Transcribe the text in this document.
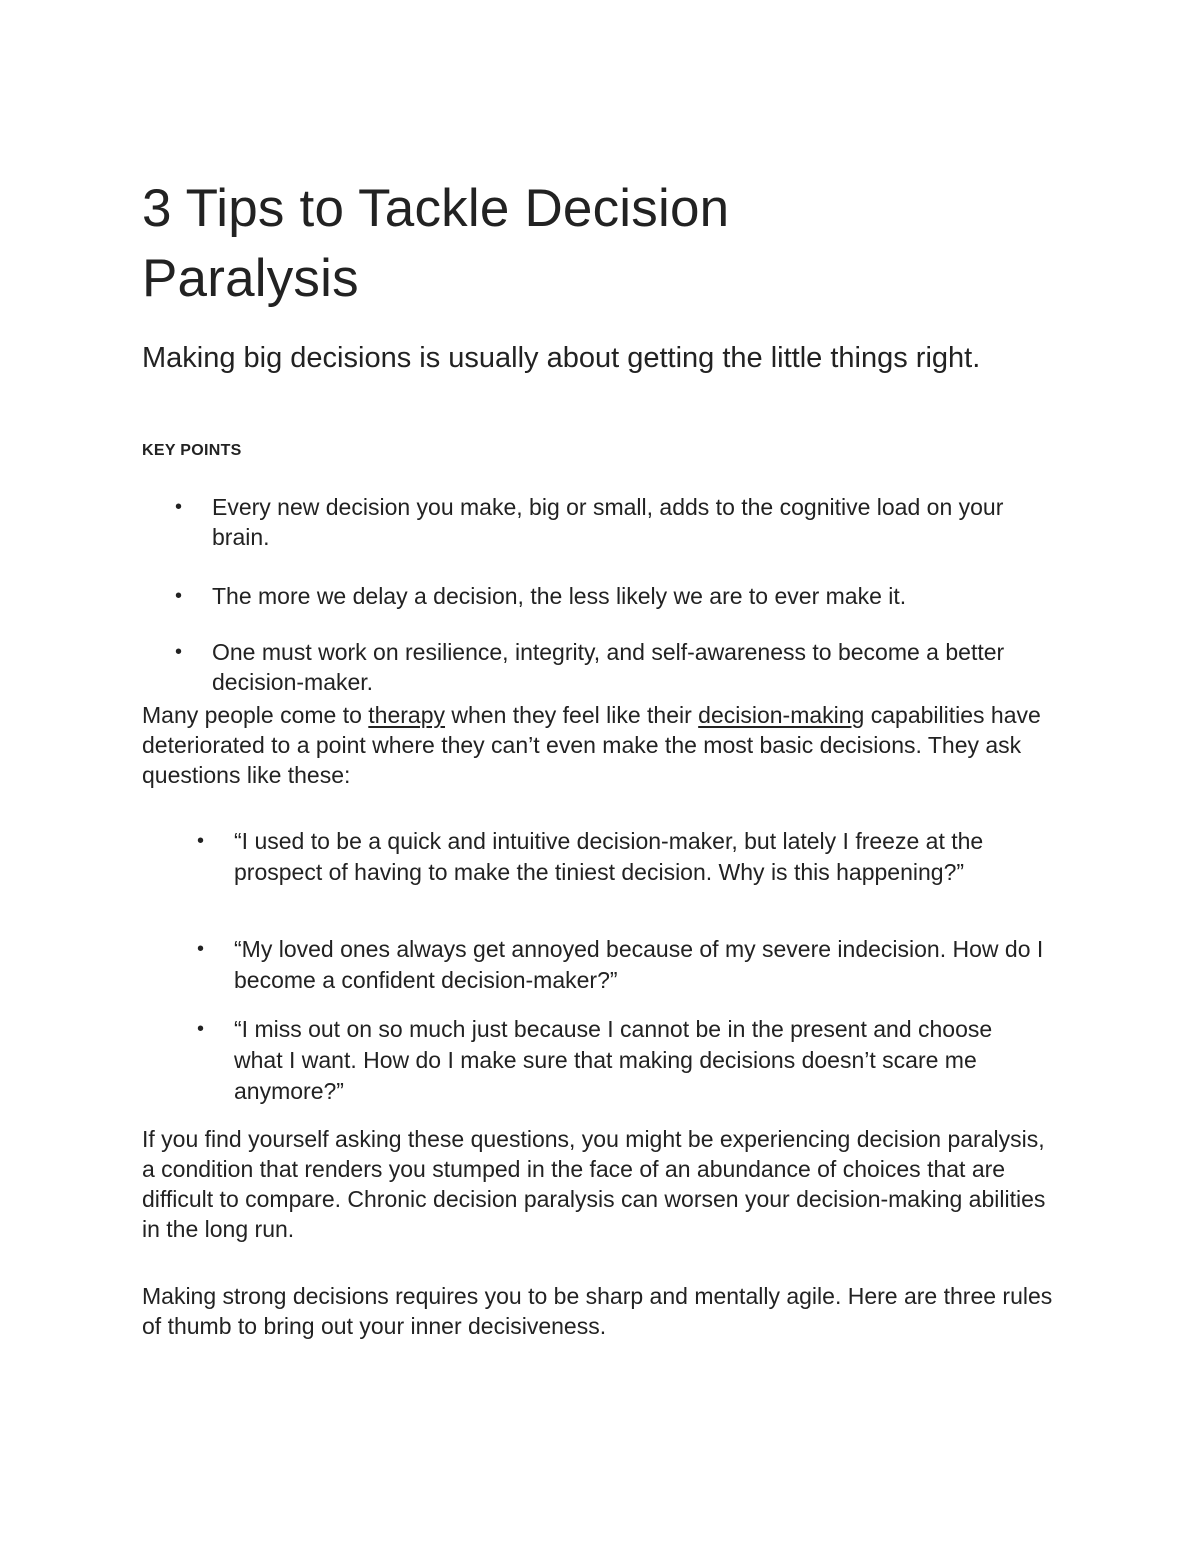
3 Tips to Tackle Decision
Paralysis

Making big decisions is usually about getting the little things right.

KEY POINTS

• Every new decision you make, big or small, adds to the cognitive load on your brain.
• The more we delay a decision, the less likely we are to ever make it.
• One must work on resilience, integrity, and self-awareness to become a better decision-maker.

Many people come to therapy when they feel like their decision-making capabilities have deteriorated to a point where they can’t even make the most basic decisions. They ask questions like these:

• “I used to be a quick and intuitive decision-maker, but lately I freeze at the prospect of having to make the tiniest decision. Why is this happening?”
• “My loved ones always get annoyed because of my severe indecision. How do I become a confident decision-maker?”
• “I miss out on so much just because I cannot be in the present and choose what I want. How do I make sure that making decisions doesn’t scare me anymore?”

If you find yourself asking these questions, you might be experiencing decision paralysis, a condition that renders you stumped in the face of an abundance of choices that are difficult to compare. Chronic decision paralysis can worsen your decision-making abilities in the long run.

Making strong decisions requires you to be sharp and mentally agile. Here are three rules of thumb to bring out your inner decisiveness.
